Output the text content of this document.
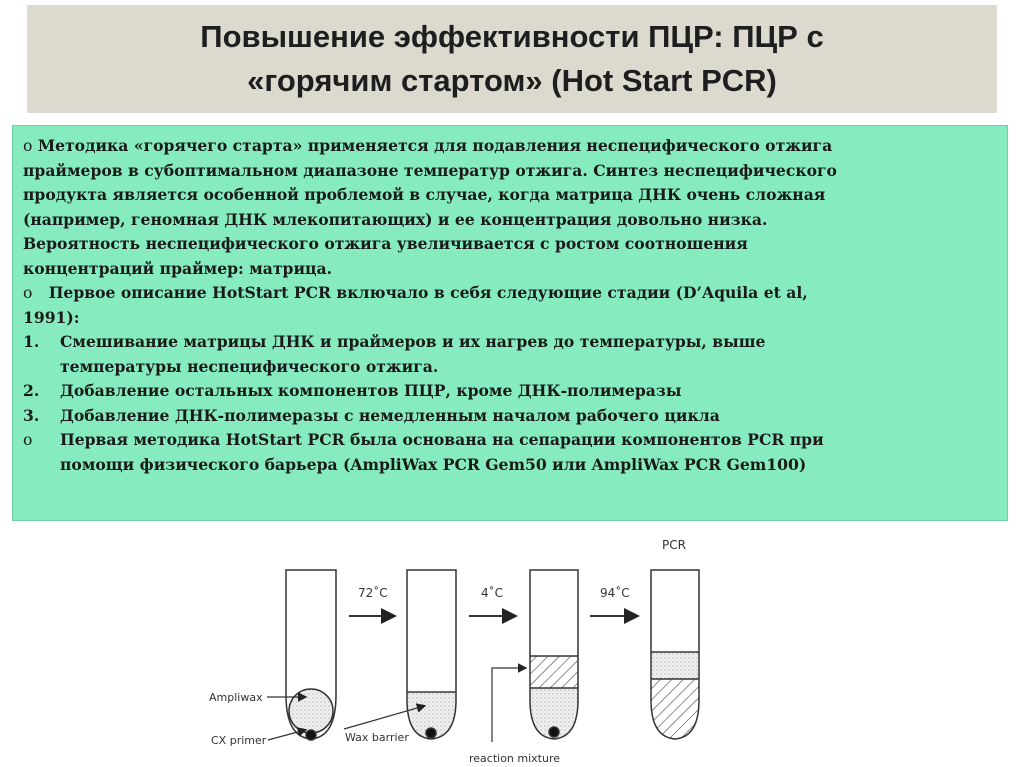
Повышение эффективности ПЦР: ПЦР с
«горячим стартом» (Hot Start PCR)
o Методика «горячего старта» применяется для подавления неспецифического отжига
праймеров в субоптимальном диапазоне температур отжига. Синтез неспецифического
продукта является особенной проблемой в случае, когда матрица ДНК очень сложная
(например, геномная ДНК млекопитающих) и ее концентрация довольно низка.
Вероятность неспецифического отжига увеличивается с ростом соотношения
концентраций праймер: матрица.
o Первое описание HotStart PCR включало в себя следующие стадии (D’Aquila et al,
1991):
1. Смешивание матрицы ДНК и праймеров и их нагрев до температуры, выше
температуры неспецифического отжига.
2. Добавление остальных компонентов ПЦР, кроме ДНК-полимеразы
3. Добавление ДНК-полимеразы с немедленным началом рабочего цикла
o Первая методика HotStart PCR была основана на сепарации компонентов PCR при
помощи физического барьера (AmpliWax PCR Gem50 или AmpliWax PCR Gem100)
72˚C	4˚C	94˚C
PCR
Ampliwax
CX primer	Wax barrier
reaction mixture
